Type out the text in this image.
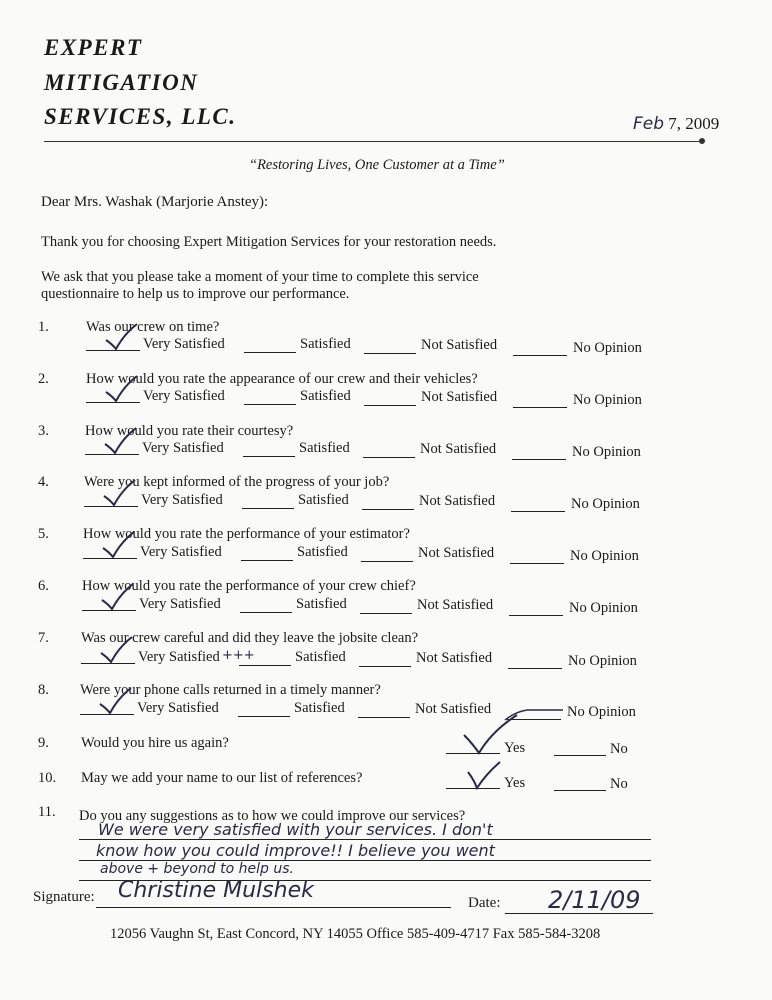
EXPERT
MITIGATION
SERVICES, LLC.	Feb 7, 2009
“Restoring Lives, One Customer at a Time”
Dear Mrs. Washak (Marjorie Anstey):
Thank you for choosing Expert Mitigation Services for your restoration needs.
We ask that you please take a moment of your time to complete this service
questionnaire to help us to improve our performance.
1.	Was our crew on time?
Very Satisfied	Satisfied	Not Satisfied	No Opinion
2.	How would you rate the appearance of our crew and their vehicles?
Very Satisfied	Satisfied	Not Satisfied	No Opinion
3. How would you rate their courtesy?
Very Satisfied	Satisfied	Not Satisfied	No Opinion
4. Were you kept informed of the progress of your job?
Very Satisfied	Satisfied	Not Satisfied	No Opinion
5. How would you rate the performance of your estimator?
Very Satisfied	Satisfied	Not Satisfied	No Opinion
6. How would you rate the performance of your crew chief?
Very Satisfied	Satisfied	Not Satisfied	No Opinion
7. Was our crew careful and did they leave the jobsite clean?
Very Satisfied +++	Satisfied	Not Satisfied	No Opinion
8. Were your phone calls returned in a timely manner?
Very Satisfied	Satisfied	Not Satisfied	No Opinion
9. Would you hire us again?	Yes	No
10. May we add your name to our list of references?	Yes	No
11. Do you any suggestions as to how we could improve our services?
We were very satisfied with your services. I don't
know how you could improve!! I believe you went
above + beyond to help us.
Signature: Christine Mulshek	Date: 2/11/09
12056 Vaughn St, East Concord, NY 14055 Office 585-409-4717 Fax 585-584-3208
